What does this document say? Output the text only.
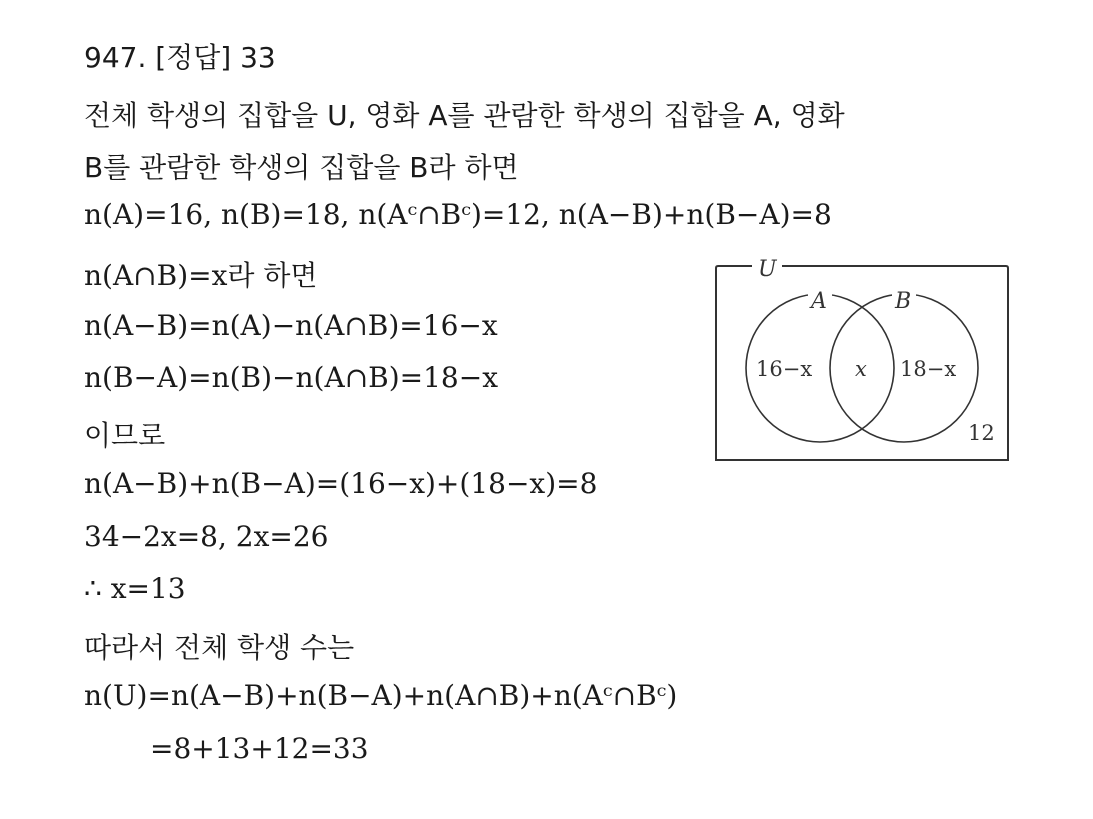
947. [정답] 33
전체 학생의 집합을 U, 영화 A를 관람한 학생의 집합을 A, 영화
B를 관람한 학생의 집합을 B라 하면
n(A)=16, n(B)=18, n(Aᶜ∩Bᶜ)=12, n(A−B)+n(B−A)=8
n(A∩B)=x라 하면
n(A−B)=n(A)−n(A∩B)=16−x
n(B−A)=n(B)−n(A∩B)=18−x
이므로
n(A−B)+n(B−A)=(16−x)+(18−x)=8
34−2x=8, 2x=26
∴ x=13
따라서 전체 학생 수는
n(U)=n(A−B)+n(B−A)+n(A∩B)+n(Aᶜ∩Bᶜ)
=8+13+12=33
U
A	B
16−x x 18−x
12
